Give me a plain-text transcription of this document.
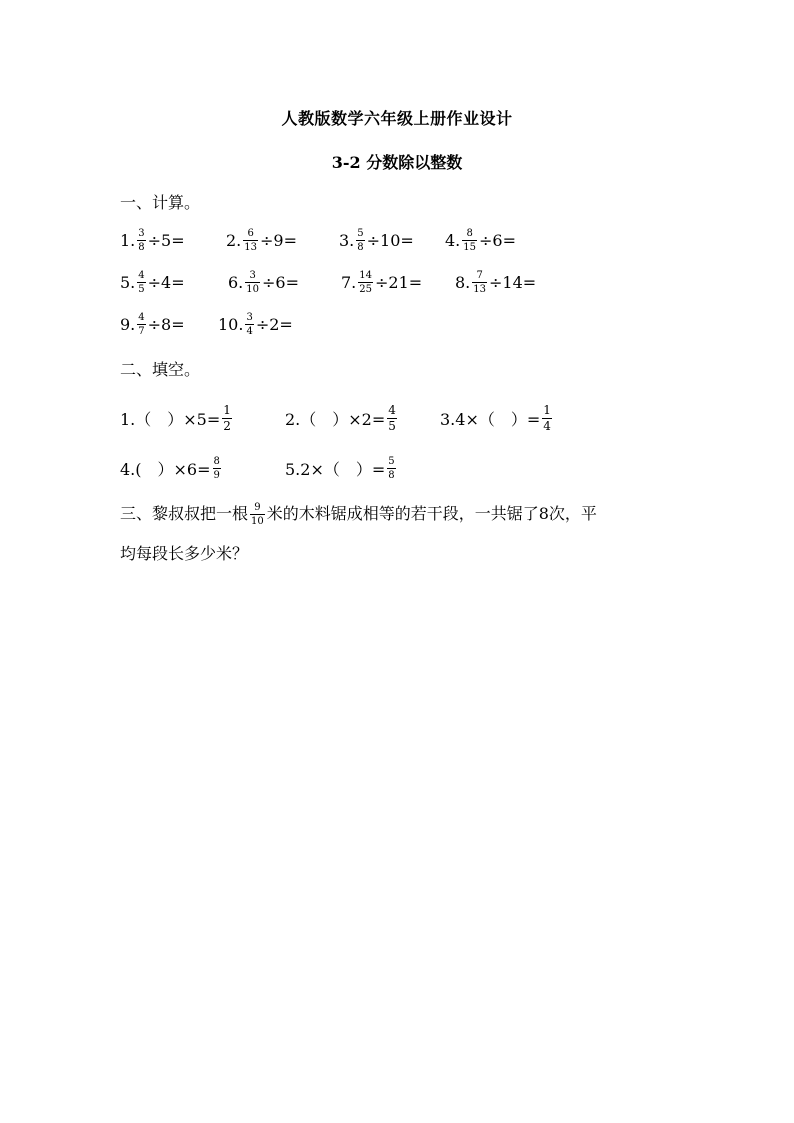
人教版数学六年级上册作业设计
3-2 分数除以整数
一、计算。
1. $\frac{3}{8} \div 5=$	2. $\frac{6}{13} \div 9=$	3. $\frac{5}{8} \div 10= 4$. $\frac{8}{15} \div 6=$
5. $\frac{4}{5} \div 4=$	6. $\frac{3}{10} \div 6=$	7. $\frac{14}{25} \div 21= 8$. $\frac{7}{13} \div 14=$
9. $\frac{4}{7} \div 8= 10$. $\frac{3}{4} \div 2=$
二、填空。
1.（　）$\times 5= \frac{1}{2}$	2.（　）$\times 2= \frac{4}{5}$	3.4×（　）= $\frac{1}{4}$
4.(　）$\times 6= \frac{8}{9}$	5.2×（　）= $\frac{5}{8}$
三、黎叔叔把一根 $\frac{9}{10}$ 米的木料锯成相等的若干段，一共锯了8次，平
均每段长多少米？
